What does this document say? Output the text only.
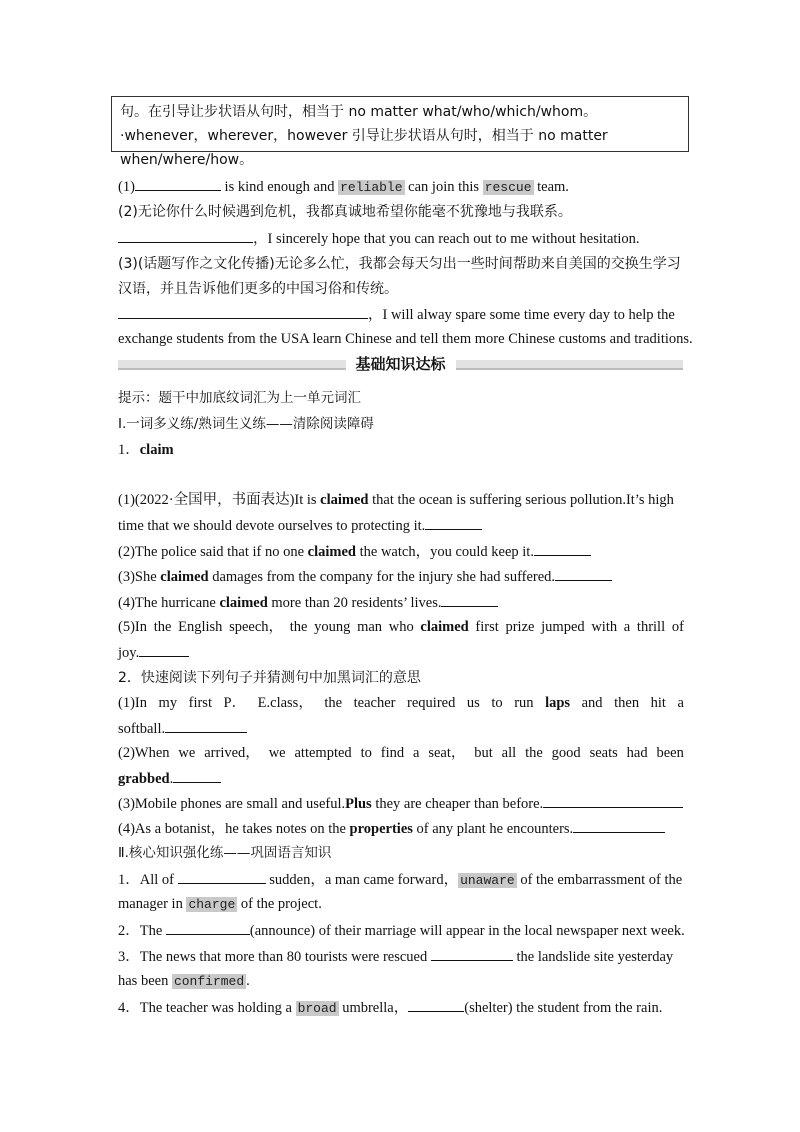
句。在引导让步状语从句时，相当于 no matter what/who/which/whom。
·whenever，wherever，however 引导让步状语从句时，相当于 no matter when/where/how。
(1)	is kind enough and reliable can join this rescue team.
(2)无论你什么时候遇到危机，我都真诚地希望你能毫不犹豫地与我联系。
，I sincerely hope that you can reach out to me without hesitation.
(3)(话题写作之文化传播)无论多么忙，我都会每天匀出一些时间帮助来自美国的交换生学习
汉语，并且告诉他们更多的中国习俗和传统。
，I will alway spare some time every day to help the
exchange students from the USA learn Chinese and tell them more Chinese customs and traditions.
基础知识达标
提示：题干中加底纹词汇为上一单元词汇
Ⅰ.一词多义练/熟词生义练——清除阅读障碍
1．claim
(1)(2022·全国甲，书面表达)It is claimed that the ocean is suffering serious pollution.It’s high
time that we should devote ourselves to protecting it.
(2)The police said that if no one claimed the watch，you could keep it.
(3)She claimed damages from the company for the injury she had suffered.
(4)The hurricane claimed more than 20 residents’ lives.
(5)In the English speech， the young man who claimed first prize jumped with a thrill of
joy.
2．快速阅读下列句子并猜测句中加黑词汇的意思
(1)In my first P． E.class， the teacher required us to run laps and then hit a
softball.
(2)When we arrived， we attempted to find a seat， but all the good seats had been
grabbed.
(3)Mobile phones are small and useful.Plus they are cheaper than before.
(4)As a botanist，he takes notes on the properties of any plant he encounters.
Ⅱ.核心知识强化练——巩固语言知识
1．All of	sudden，a man came forward， unaware of the embarrassment of the
manager in charge of the project.
2．The	(announce) of their marriage will appear in the local newspaper next week.
3．The news that more than 80 tourists were rescued	the landslide site yesterday
has been confirmed .
4．The teacher was holding a broad umbrella，	(shelter) the student from the rain.
